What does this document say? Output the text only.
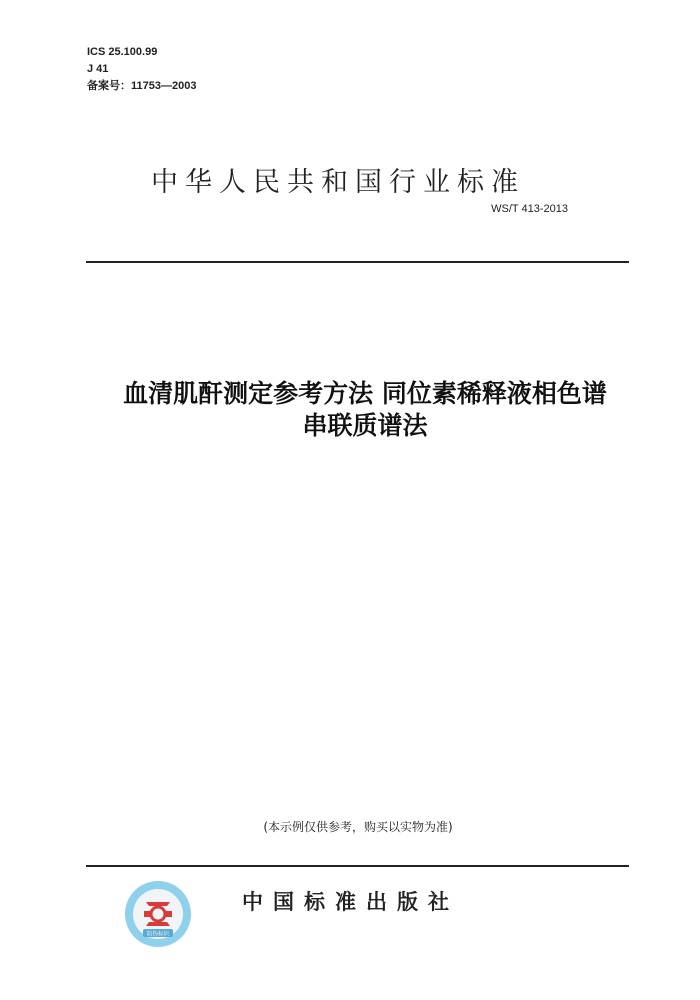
ICS 25.100.99
J 41
备案号：11753—2003
中华人民共和国行业标准
WS/T 413-2013
血清肌酐测定参考方法 同位素稀释液相色谱
串联质谱法
(本示例仅供参考，购买以实物为准)
防伪标识
中国标准出版社
